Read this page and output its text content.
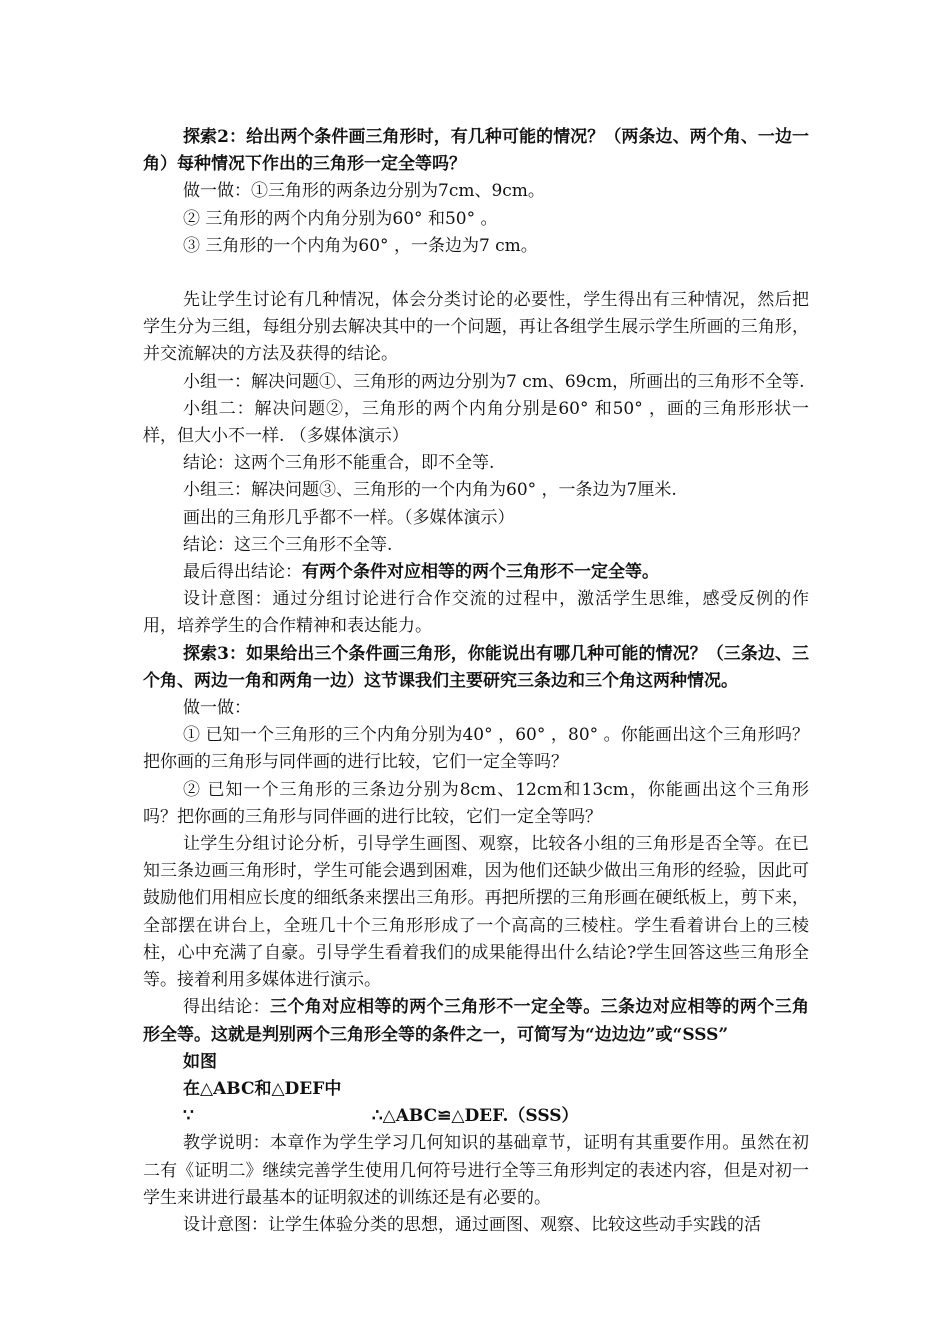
探索2：给出两个条件画三角形时，有几种可能的情况？（两条边、两个角、一边一角）每种情况下作出的三角形一定全等吗？

做一做：①三角形的两条边分别为7cm、9cm。

② 三角形的两个内角分别为60° 和50° 。

③ 三角形的一个内角为60° ，一条边为7 cm。

先让学生讨论有几种情况，体会分类讨论的必要性，学生得出有三种情况，然后把学生分为三组，每组分别去解决其中的一个问题，再让各组学生展示学生所画的三角形，并交流解决的方法及获得的结论。

小组一：解决问题①、三角形的两边分别为7 cm、69cm，所画出的三角形不全等.

小组二：解决问题②，三角形的两个内角分别是60° 和50° ，画的三角形形状一样，但大小不一样. （多媒体演示）

结论：这两个三角形不能重合，即不全等.

小组三：解决问题③、三角形的一个内角为60° ，一条边为7厘米.

画出的三角形几乎都不一样。（多媒体演示）

结论：这三个三角形不全等.

最后得出结论：有两个条件对应相等的两个三角形不一定全等。

设计意图：通过分组讨论进行合作交流的过程中，激活学生思维，感受反例的作用，培养学生的合作精神和表达能力。

探索3：如果给出三个条件画三角形，你能说出有哪几种可能的情况？（三条边、三个角、两边一角和两角一边）这节课我们主要研究三条边和三个角这两种情况。

做一做：

① 已知一个三角形的三个内角分别为40° ，60° ，80° 。你能画出这个三角形吗？把你画的三角形与同伴画的进行比较，它们一定全等吗？

② 已知一个三角形的三条边分别为8cm、12cm和13cm，你能画出这个三角形吗？把你画的三角形与同伴画的进行比较，它们一定全等吗？

让学生分组讨论分析，引导学生画图、观察，比较各小组的三角形是否全等。在已知三条边画三角形时，学生可能会遇到困难，因为他们还缺少做出三角形的经验，因此可鼓励他们用相应长度的细纸条来摆出三角形。再把所摆的三角形画在硬纸板上，剪下来，全部摆在讲台上，全班几十个三角形形成了一个高高的三棱柱。学生看着讲台上的三棱柱，心中充满了自豪。引导学生看着我们的成果能得出什么结论?学生回答这些三角形全等。接着利用多媒体进行演示。

得出结论：三个角对应相等的两个三角形不一定全等。三条边对应相等的两个三角形全等。这就是判别两个三角形全等的条件之一，可简写为“边边边”或“SSS”

如图

在△ABC和△DEF中

∵	∴△ABC≌△DEF.（SSS）

教学说明：本章作为学生学习几何知识的基础章节，证明有其重要作用。虽然在初二有《证明二》继续完善学生使用几何符号进行全等三角形判定的表述内容，但是对初一学生来讲进行最基本的证明叙述的训练还是有必要的。

设计意图：让学生体验分类的思想，通过画图、观察、比较这些动手实践的活
